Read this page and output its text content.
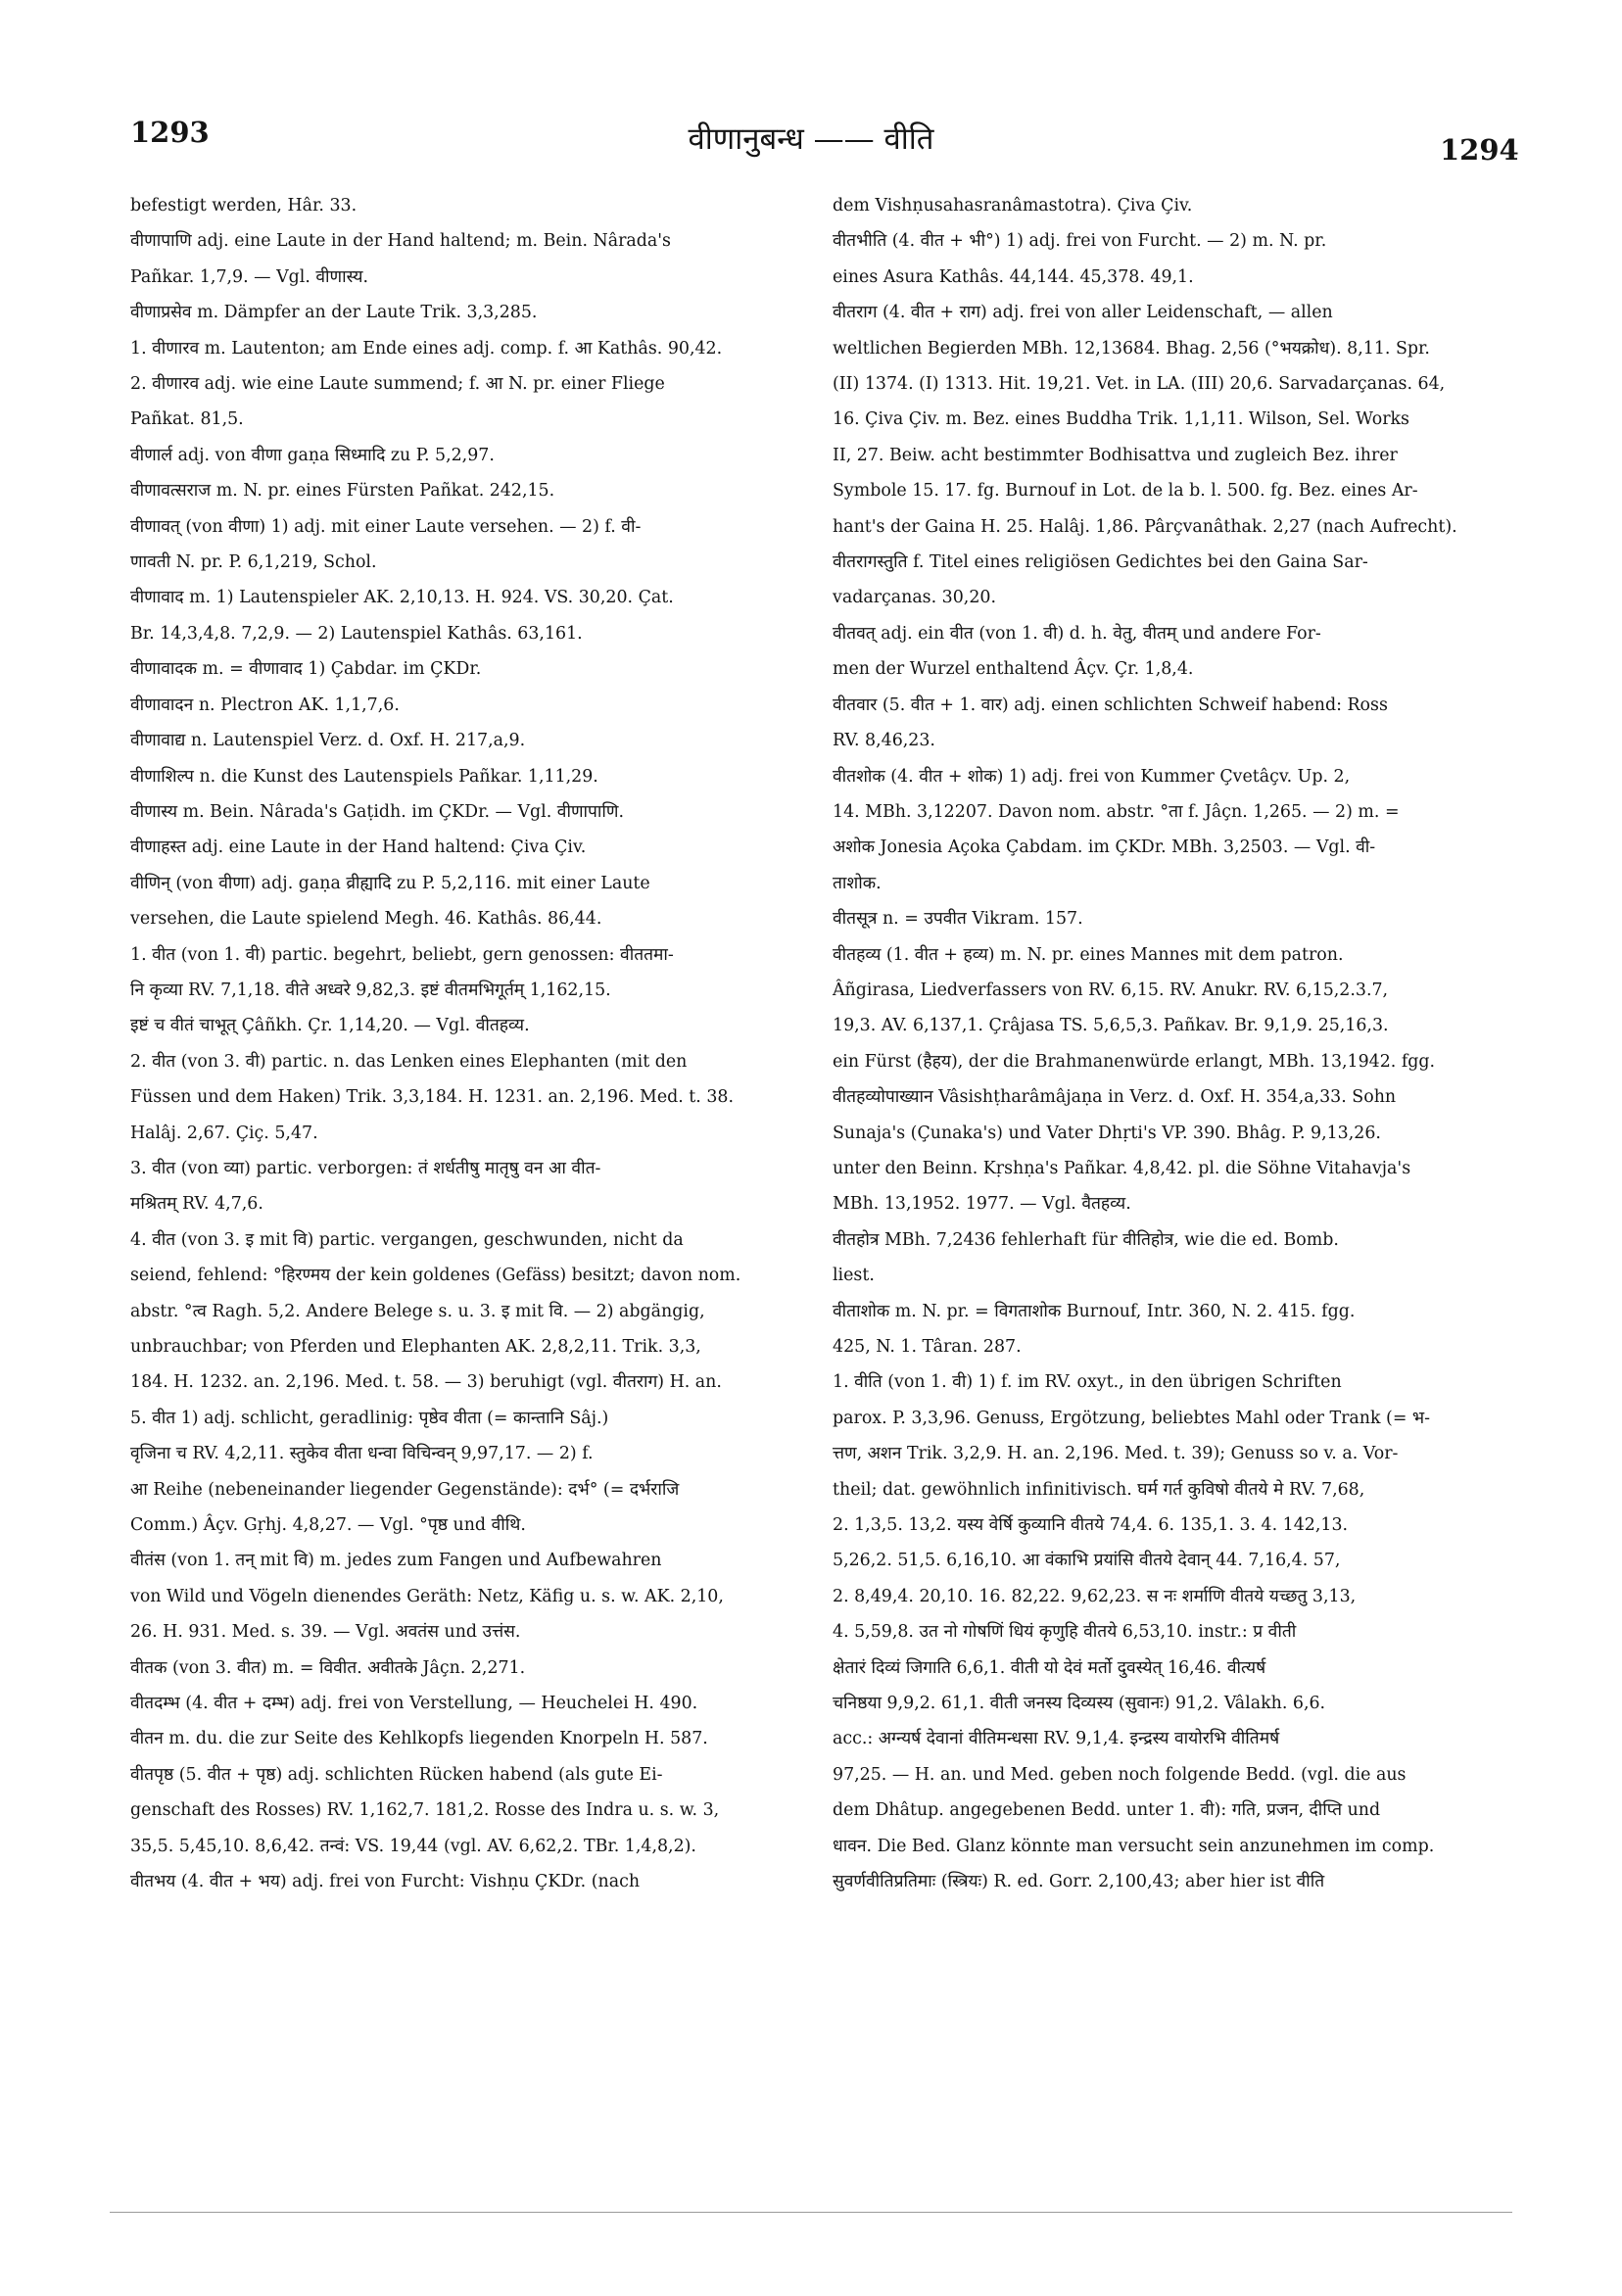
1293	वीणानुबन्ध —— वीति	1294

befestigt werden, Hâr. 33.

वीणापाणि adj. eine Laute in der Hand haltend; m. Bein. Nârada's

Pañkar. 1,7,9. — Vgl. वीणास्य.

वीणाप्रसेव m. Dämpfer an der Laute Trik. 3,3,285.

1. वीणारव m. Lautenton; am Ende eines adj. comp. f. आ Kathâs. 90,42.

2. वीणारव adj. wie eine Laute summend; f. आ N. pr. einer Fliege

Pañkat. 81,5.

वीणार्ल adj. von वीणा gaṇa सिध्मादि zu P. 5,2,97.

वीणावत्सराज m. N. pr. eines Fürsten Pañkat. 242,15.

वीणावत् (von वीणा) 1) adj. mit einer Laute versehen. — 2) f. वी-

णावती N. pr. P. 6,1,219, Schol.

वीणावाद m. 1) Lautenspieler AK. 2,10,13. H. 924. VS. 30,20. Çat.

Br. 14,3,4,8. 7,2,9. — 2) Lautenspiel Kathâs. 63,161.

वीणावादक m. = वीणावाद 1) Çabdar. im ÇKDr.

वीणावादन n. Plectron AK. 1,1,7,6.

वीणावाद्य n. Lautenspiel Verz. d. Oxf. H. 217,a,9.

वीणाशिल्प n. die Kunst des Lautenspiels Pañkar. 1,11,29.

वीणास्य m. Bein. Nârada's Gaṭidh. im ÇKDr. — Vgl. वीणापाणि.

वीणाहस्त adj. eine Laute in der Hand haltend: Çiva Çiv.

वीणिन् (von वीणा) adj. gaṇa व्रीह्यादि zu P. 5,2,116. mit einer Laute

versehen, die Laute spielend Megh. 46. Kathâs. 86,44.

1. वीत (von 1. वी) partic. begehrt, beliebt, gern genossen: वीततमा-

नि कृव्या RV. 7,1,18. वीते अध्वरे 9,82,3. इष्टं वीतमभिगूर्तम् 1,162,15.

इष्टं च वीतं चाभूत् Çâñkh. Çr. 1,14,20. — Vgl. वीतहव्य.

2. वीत (von 3. वी) partic. n. das Lenken eines Elephanten (mit den

Füssen und dem Haken) Trik. 3,3,184. H. 1231. an. 2,196. Med. t. 38.

Halâj. 2,67. Çiç. 5,47.

3. वीत (von व्या) partic. verborgen: तं शर्धतीषु मातृषु वन आ वीत-

मश्रितम् RV. 4,7,6.

4. वीत (von 3. इ mit वि) partic. vergangen, geschwunden, nicht da

seiend, fehlend: °हिरण्मय der kein goldenes (Gefäss) besitzt; davon nom.

abstr. °त्व Ragh. 5,2. Andere Belege s. u. 3. इ mit वि. — 2) abgängig,

unbrauchbar; von Pferden und Elephanten AK. 2,8,2,11. Trik. 3,3,

184. H. 1232. an. 2,196. Med. t. 58. — 3) beruhigt (vgl. वीतराग) H. an.

5. वीत 1) adj. schlicht, geradlinig: पृष्ठेव वीता (= कान्तानि Sâj.)

वृजिना च RV. 4,2,11. स्तुकेव वीता धन्वा विचिन्वन् 9,97,17. — 2) f.

आ Reihe (nebeneinander liegender Gegenstände): दर्भ° (= दर्भराजि

Comm.) Âçv. Gṛhj. 4,8,27. — Vgl. °पृष्ठ und वीथि.

वीतंस (von 1. तन् mit वि) m. jedes zum Fangen und Aufbewahren

von Wild und Vögeln dienendes Geräth: Netz, Käfig u. s. w. AK. 2,10,

26. H. 931. Med. s. 39. — Vgl. अवतंस und उत्तंस.

वीतक (von 3. वीत) m. = विवीत. अवीतके Jâçn. 2,271.

वीतदम्भ (4. वीत + दम्भ) adj. frei von Verstellung, — Heuchelei H. 490.

वीतन m. du. die zur Seite des Kehlkopfs liegenden Knorpeln H. 587.

वीतपृष्ठ (5. वीत + पृष्ठ) adj. schlichten Rücken habend (als gute Ei-

genschaft des Rosses) RV. 1,162,7. 181,2. Rosse des Indra u. s. w. 3,

35,5. 5,45,10. 8,6,42. तन्वं: VS. 19,44 (vgl. AV. 6,62,2. TBr. 1,4,8,2).

वीतभय (4. वीत + भय) adj. frei von Furcht: Vishṇu ÇKDr. (nach

dem Vishṇusahasranâmastotra). Çiva Çiv.

वीतभीति (4. वीत + भी°) 1) adj. frei von Furcht. — 2) m. N. pr.

eines Asura Kathâs. 44,144. 45,378. 49,1.

वीतराग (4. वीत + राग) adj. frei von aller Leidenschaft, — allen

weltlichen Begierden MBh. 12,13684. Bhag. 2,56 (°भयक्रोध). 8,11. Spr.

(II) 1374. (I) 1313. Hit. 19,21. Vet. in LA. (III) 20,6. Sarvadarçanas. 64,

16. Çiva Çiv. m. Bez. eines Buddha Trik. 1,1,11. Wilson, Sel. Works

II, 27. Beiw. acht bestimmter Bodhisattva und zugleich Bez. ihrer

Symbole 15. 17. fg. Burnouf in Lot. de la b. l. 500. fg. Bez. eines Ar-

hant's der Gaina H. 25. Halâj. 1,86. Pârçvanâthak. 2,27 (nach Aufrecht).

वीतरागस्तुति f. Titel eines religiösen Gedichtes bei den Gaina Sar-

vadarçanas. 30,20.

वीतवत् adj. ein वीत (von 1. वी) d. h. वेतु, वीतम् und andere For-

men der Wurzel enthaltend Âçv. Çr. 1,8,4.

वीतवार (5. वीत + 1. वार) adj. einen schlichten Schweif habend: Ross

RV. 8,46,23.

वीतशोक (4. वीत + शोक) 1) adj. frei von Kummer Çvetâçv. Up. 2,

14. MBh. 3,12207. Davon nom. abstr. °ता f. Jâçn. 1,265. — 2) m. =

अशोक Jonesia Açoka Çabdam. im ÇKDr. MBh. 3,2503. — Vgl. वी-

ताशोक.

वीतसूत्र n. = उपवीत Vikram. 157.

वीतहव्य (1. वीत + हव्य) m. N. pr. eines Mannes mit dem patron.

Âñgirasa, Liedverfassers von RV. 6,15. RV. Anukr. RV. 6,15,2.3.7,

19,3. AV. 6,137,1. Çrâjasa TS. 5,6,5,3. Pañkav. Br. 9,1,9. 25,16,3.

ein Fürst (हैहय), der die Brahmanenwürde erlangt, MBh. 13,1942. fgg.

वीतहव्योपाख्यान Vâsishṭharâmâjaṇa in Verz. d. Oxf. H. 354,a,33. Sohn

Sunaja's (Çunaka's) und Vater Dhṛti's VP. 390. Bhâg. P. 9,13,26.

unter den Beinn. Kṛshṇa's Pañkar. 4,8,42. pl. die Söhne Vitahavja's

MBh. 13,1952. 1977. — Vgl. वैतहव्य.

वीतहोत्र MBh. 7,2436 fehlerhaft für वीतिहोत्र, wie die ed. Bomb.

liest.

वीताशोक m. N. pr. = विगताशोक Burnouf, Intr. 360, N. 2. 415. fgg.

425, N. 1. Târan. 287.

1. वीति (von 1. वी) 1) f. im RV. oxyt., in den übrigen Schriften

parox. P. 3,3,96. Genuss, Ergötzung, beliebtes Mahl oder Trank (= भ-

त्तण, अशन Trik. 3,2,9. H. an. 2,196. Med. t. 39); Genuss so v. a. Vor-

theil; dat. gewöhnlich infinitivisch. घर्म गर्त कुविषो वीतये मे RV. 7,68,

2. 1,3,5. 13,2. यस्य वेर्षि कुव्यानि वीतये 74,4. 6. 135,1. 3. 4. 142,13.

5,26,2. 51,5. 6,16,10. आ वंकाभि प्रयांसि वीतये देवान् 44. 7,16,4. 57,

2. 8,49,4. 20,10. 16. 82,22. 9,62,23. स नः शर्माणि वीतये यच्छतु 3,13,

4. 5,59,8. उत नो गोषणिं धियं कृणुहि वीतये 6,53,10. instr.: प्र वीती

क्षेतारं दिव्यं जिगाति 6,6,1. वीती यो देवं मर्तो दुवस्येत् 16,46. वीत्यर्ष

चनिष्ठया 9,9,2. 61,1. वीती जनस्य दिव्यस्य (सुवानः) 91,2. Vâlakh. 6,6.

acc.: अग्न्यर्ष देवानां वीतिमन्धसा RV. 9,1,4. इन्द्रस्य वायोरभि वीतिमर्ष

97,25. — H. an. und Med. geben noch folgende Bedd. (vgl. die aus

dem Dhâtup. angegebenen Bedd. unter 1. वी): गति, प्रजन, दीप्ति und

धावन. Die Bed. Glanz könnte man versucht sein anzunehmen im comp.

सुवर्णवीतिप्रतिमाः (स्त्रियः) R. ed. Gorr. 2,100,43; aber hier ist वीति
